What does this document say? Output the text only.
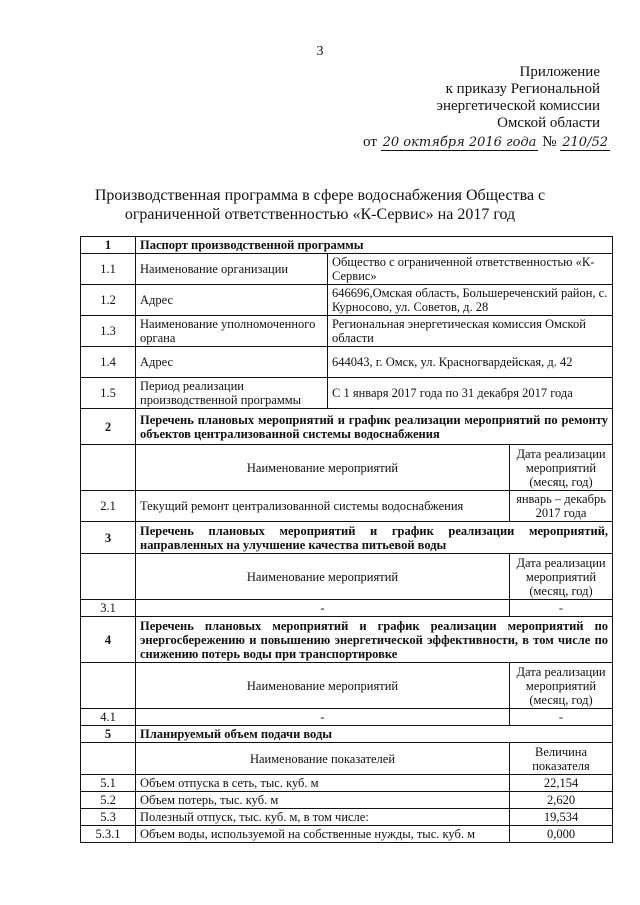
3
Приложение
к приказу Региональной
энергетической комиссии
Омской области
от 20 октября 2016 года № 210/52
Производственная программа в сфере водоснабжения Общества с
ограниченной ответственностью «К-Сервис» на 2017 год
1	Паспорт производственной программы		
1.1	Наименование организации	Общество с ограниченной ответственностью «К-Сервис»	
1.2	Адрес	646696,Омская область, Большереченский район, с. Курносово, ул. Советов, д. 28	
1.3	Наименование уполномоченного органа	Региональная энергетическая комиссия Омской области	
1.4	Адрес	644043, г. Омск, ул. Красногвардейская, д. 42	
1.5	Период реализации производственной программы	С 1 января 2017 года по 31 декабря 2017 года	
2	Перечень плановых мероприятий и график реализации мероприятий по ремонту объектов централизованной системы водоснабжения		
	Наименование мероприятий		Дата реализации мероприятий (месяц, год)
2.1	Текущий ремонт централизованной системы водоснабжения		январь – декабрь 2017 года
3	Перечень плановых мероприятий и график реализации мероприятий, направленных на улучшение качества питьевой воды		
	Наименование мероприятий		Дата реализации мероприятий (месяц, год)
3.1	-		-
4	Перечень плановых мероприятий и график реализации мероприятий по энергосбережению и повышению энергетической эффективности, в том числе по снижению потерь воды при транспортировке		
	Наименование мероприятий		Дата реализации мероприятий (месяц, год)
4.1	-		-
5	Планируемый объем подачи воды		
	Наименование показателей		Величина показателя
5.1	Объем отпуска в сеть, тыс. куб. м		22,154
5.2	Объем потерь, тыс. куб. м		2,620
5.3	Полезный отпуск, тыс. куб. м, в том числе:		19,534
5.3.1	Объем воды, используемой на собственные нужды, тыс. куб. м		0,000
